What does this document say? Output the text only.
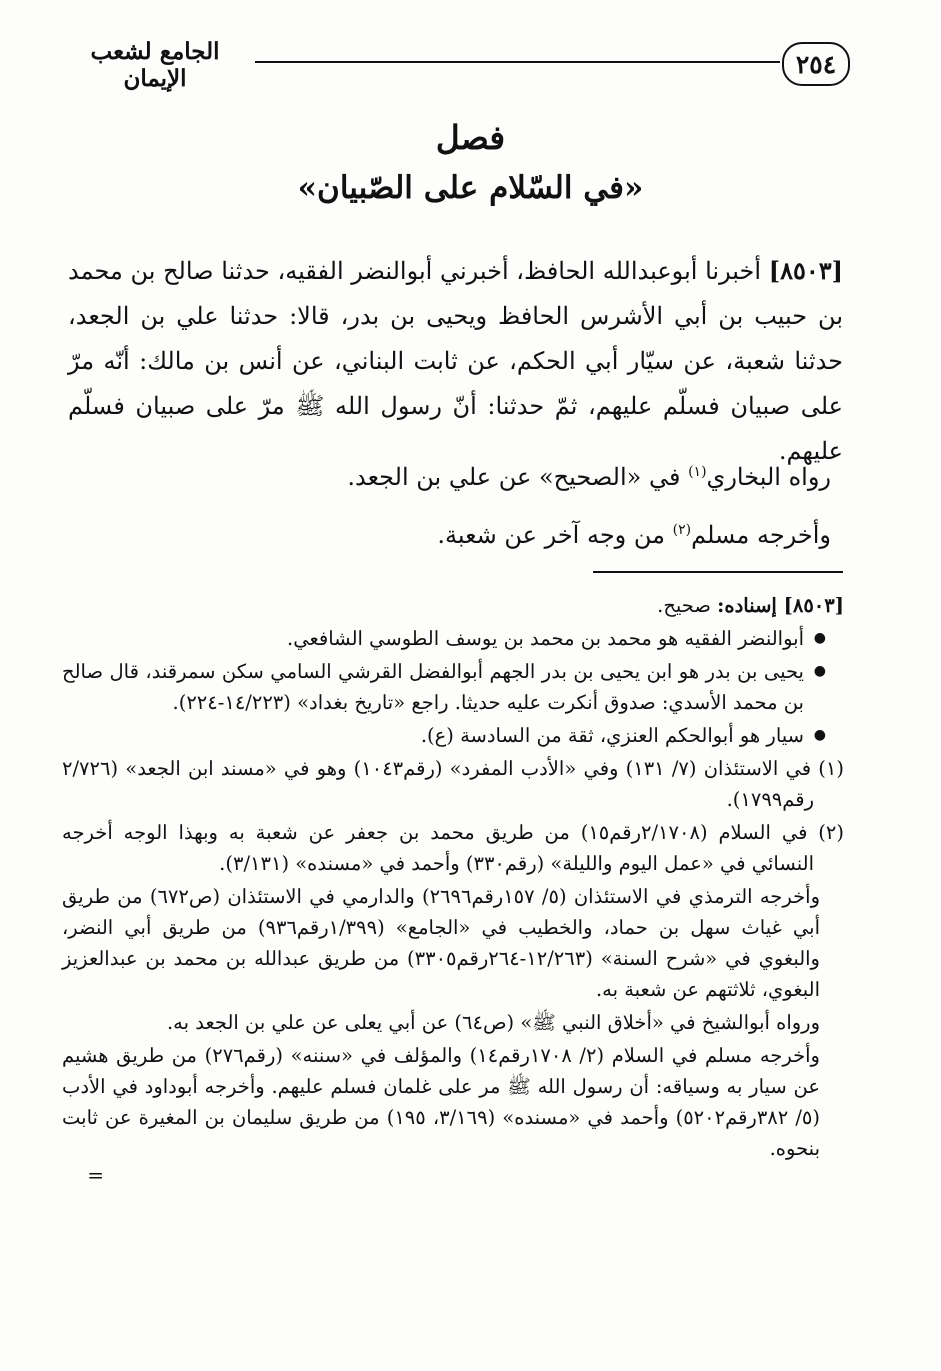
٢٥٤
الجامع لشعب الإيمان
فصل
«في السّلام على الصّبيان»
[٨٥٠٣] أخبرنا أبوعبدالله الحافظ، أخبرني أبوالنضر الفقيه، حدثنا صالح بن محمد بن حبيب بن أبي الأشرس الحافظ ويحيى بن بدر، قالا: حدثنا علي بن الجعد، حدثنا شعبة، عن سيّار أبي الحكم، عن ثابت البناني، عن أنس بن مالك: أنّه مرّ على صبيان فسلّم عليهم، ثمّ حدثنا: أنّ رسول الله ﷺ مرّ على صبيان فسلّم عليهم.
رواه البخاري$^{(١)}$ في «الصحيح» عن علي بن الجعد.
وأخرجه مسلم$^{(٢)}$ من وجه آخر عن شعبة.

[٨٥٠٣] إسناده: صحيح.

● أبوالنضر الفقيه هو محمد بن محمد بن يوسف الطوسي الشافعي.
● يحيى بن بدر هو ابن يحيى بن بدر الجهم أبوالفضل القرشي السامي سكن سمرقند، قال صالح بن محمد الأسدي: صدوق أنكرت عليه حديثا. راجع «تاريخ بغداد» (١٤/٢٢٣-٢٢٤).
● سيار هو أبوالحكم العنزي، ثقة من السادسة (ع).

(١) في الاستئذان (٧/ ١٣١) وفي «الأدب المفرد» (رقم١٠٤٣) وهو في «مسند ابن الجعد» (٢/٧٢٦ رقم١٧٩٩).

(٢) في السلام (٢/١٧٠٨رقم١٥) من طريق محمد بن جعفر عن شعبة به وبهذا الوجه أخرجه النسائي في «عمل اليوم والليلة» (رقم٣٣٠) وأحمد في «مسنده» (٣/١٣١).

وأخرجه الترمذي في الاستئذان (٥/ ١٥٧رقم٢٦٩٦) والدارمي في الاستئذان (ص٦٧٢) من طريق أبي غياث سهل بن حماد، والخطيب في «الجامع» (١/٣٩٩رقم٩٣٦) من طريق أبي النضر، والبغوي في «شرح السنة» (١٢/٢٦٣-٢٦٤رقم٣٣٠٥) من طريق عبدالله بن محمد بن عبدالعزيز البغوي، ثلاثتهم عن شعبة به.

ورواه أبوالشيخ في «أخلاق النبي ﷺ» (ص٦٤) عن أبي يعلى عن علي بن الجعد به.

وأخرجه مسلم في السلام (٢/ ١٧٠٨رقم١٤) والمؤلف في «سننه» (رقم٢٧٦) من طريق هشيم عن سيار به وسياقه: أن رسول الله ﷺ مر على غلمان فسلم عليهم. وأخرجه أبوداود في الأدب (٥/ ٣٨٢رقم٥٢٠٢) وأحمد في «مسنده» (٣/١٦٩، ١٩٥) من طريق سليمان بن المغيرة عن ثابت بنحوه.

=
